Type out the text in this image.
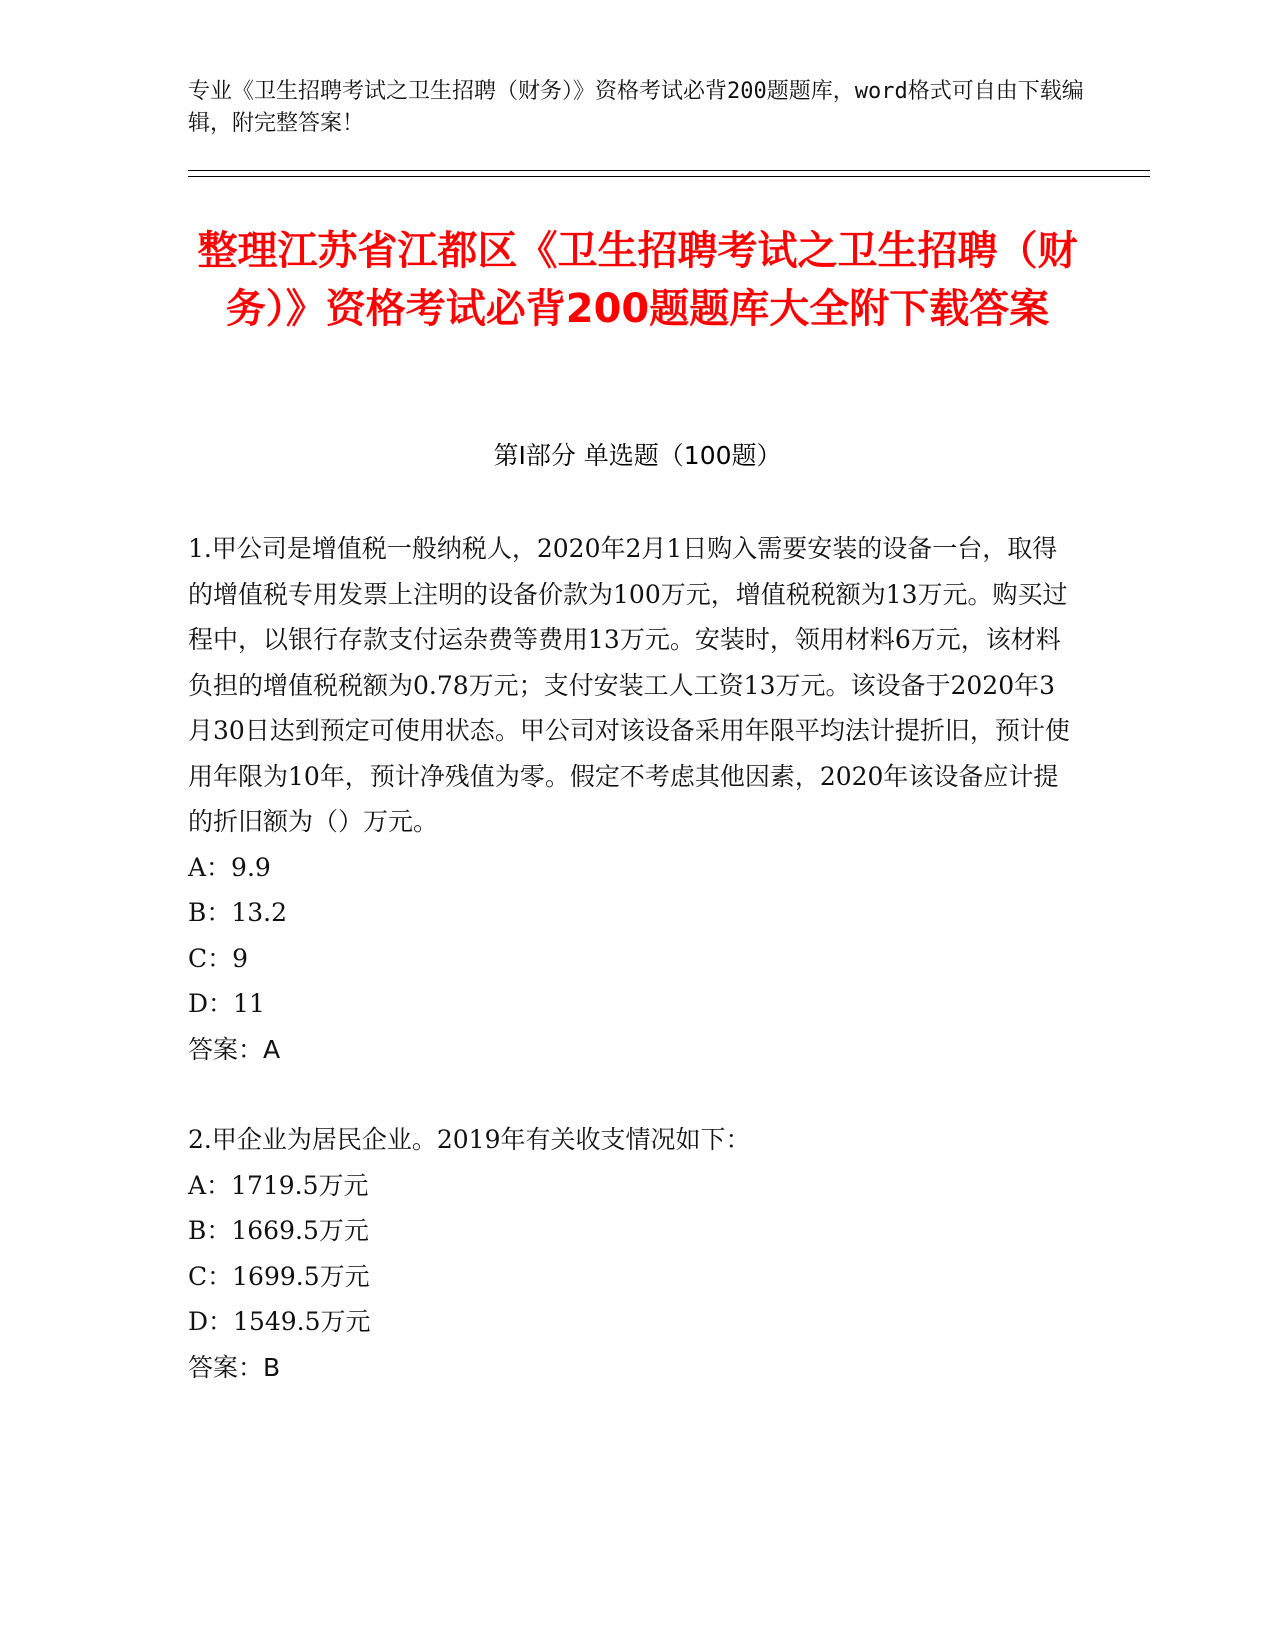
专业《卫生招聘考试之卫生招聘（财务）》资格考试必背200题题库，word格式可自由下载编辑，附完整答案！
整理江苏省江都区《卫生招聘考试之卫生招聘（财务）》资格考试必背200题题库大全附下载答案
第Ⅰ部分 单选题（100题）

1.甲公司是增值税一般纳税人，2020年2月1日购入需要安装的设备一台，取得的增值税专用发票上注明的设备价款为100万元，增值税税额为13万元。购买过程中，以银行存款支付运杂费等费用13万元。安装时，领用材料6万元，该材料负担的增值税税额为0.78万元；支付安装工人工资13万元。该设备于2020年3月30日达到预定可使用状态。甲公司对该设备采用年限平均法计提折旧，预计使用年限为10年，预计净残值为零。假定不考虑其他因素，2020年该设备应计提的折旧额为（）万元。

A：9.9

B：13.2

C：9

D：11

答案：A

2.甲企业为居民企业。2019年有关收支情况如下：

A：1719.5万元

B：1669.5万元

C：1699.5万元

D：1549.5万元

答案：B
